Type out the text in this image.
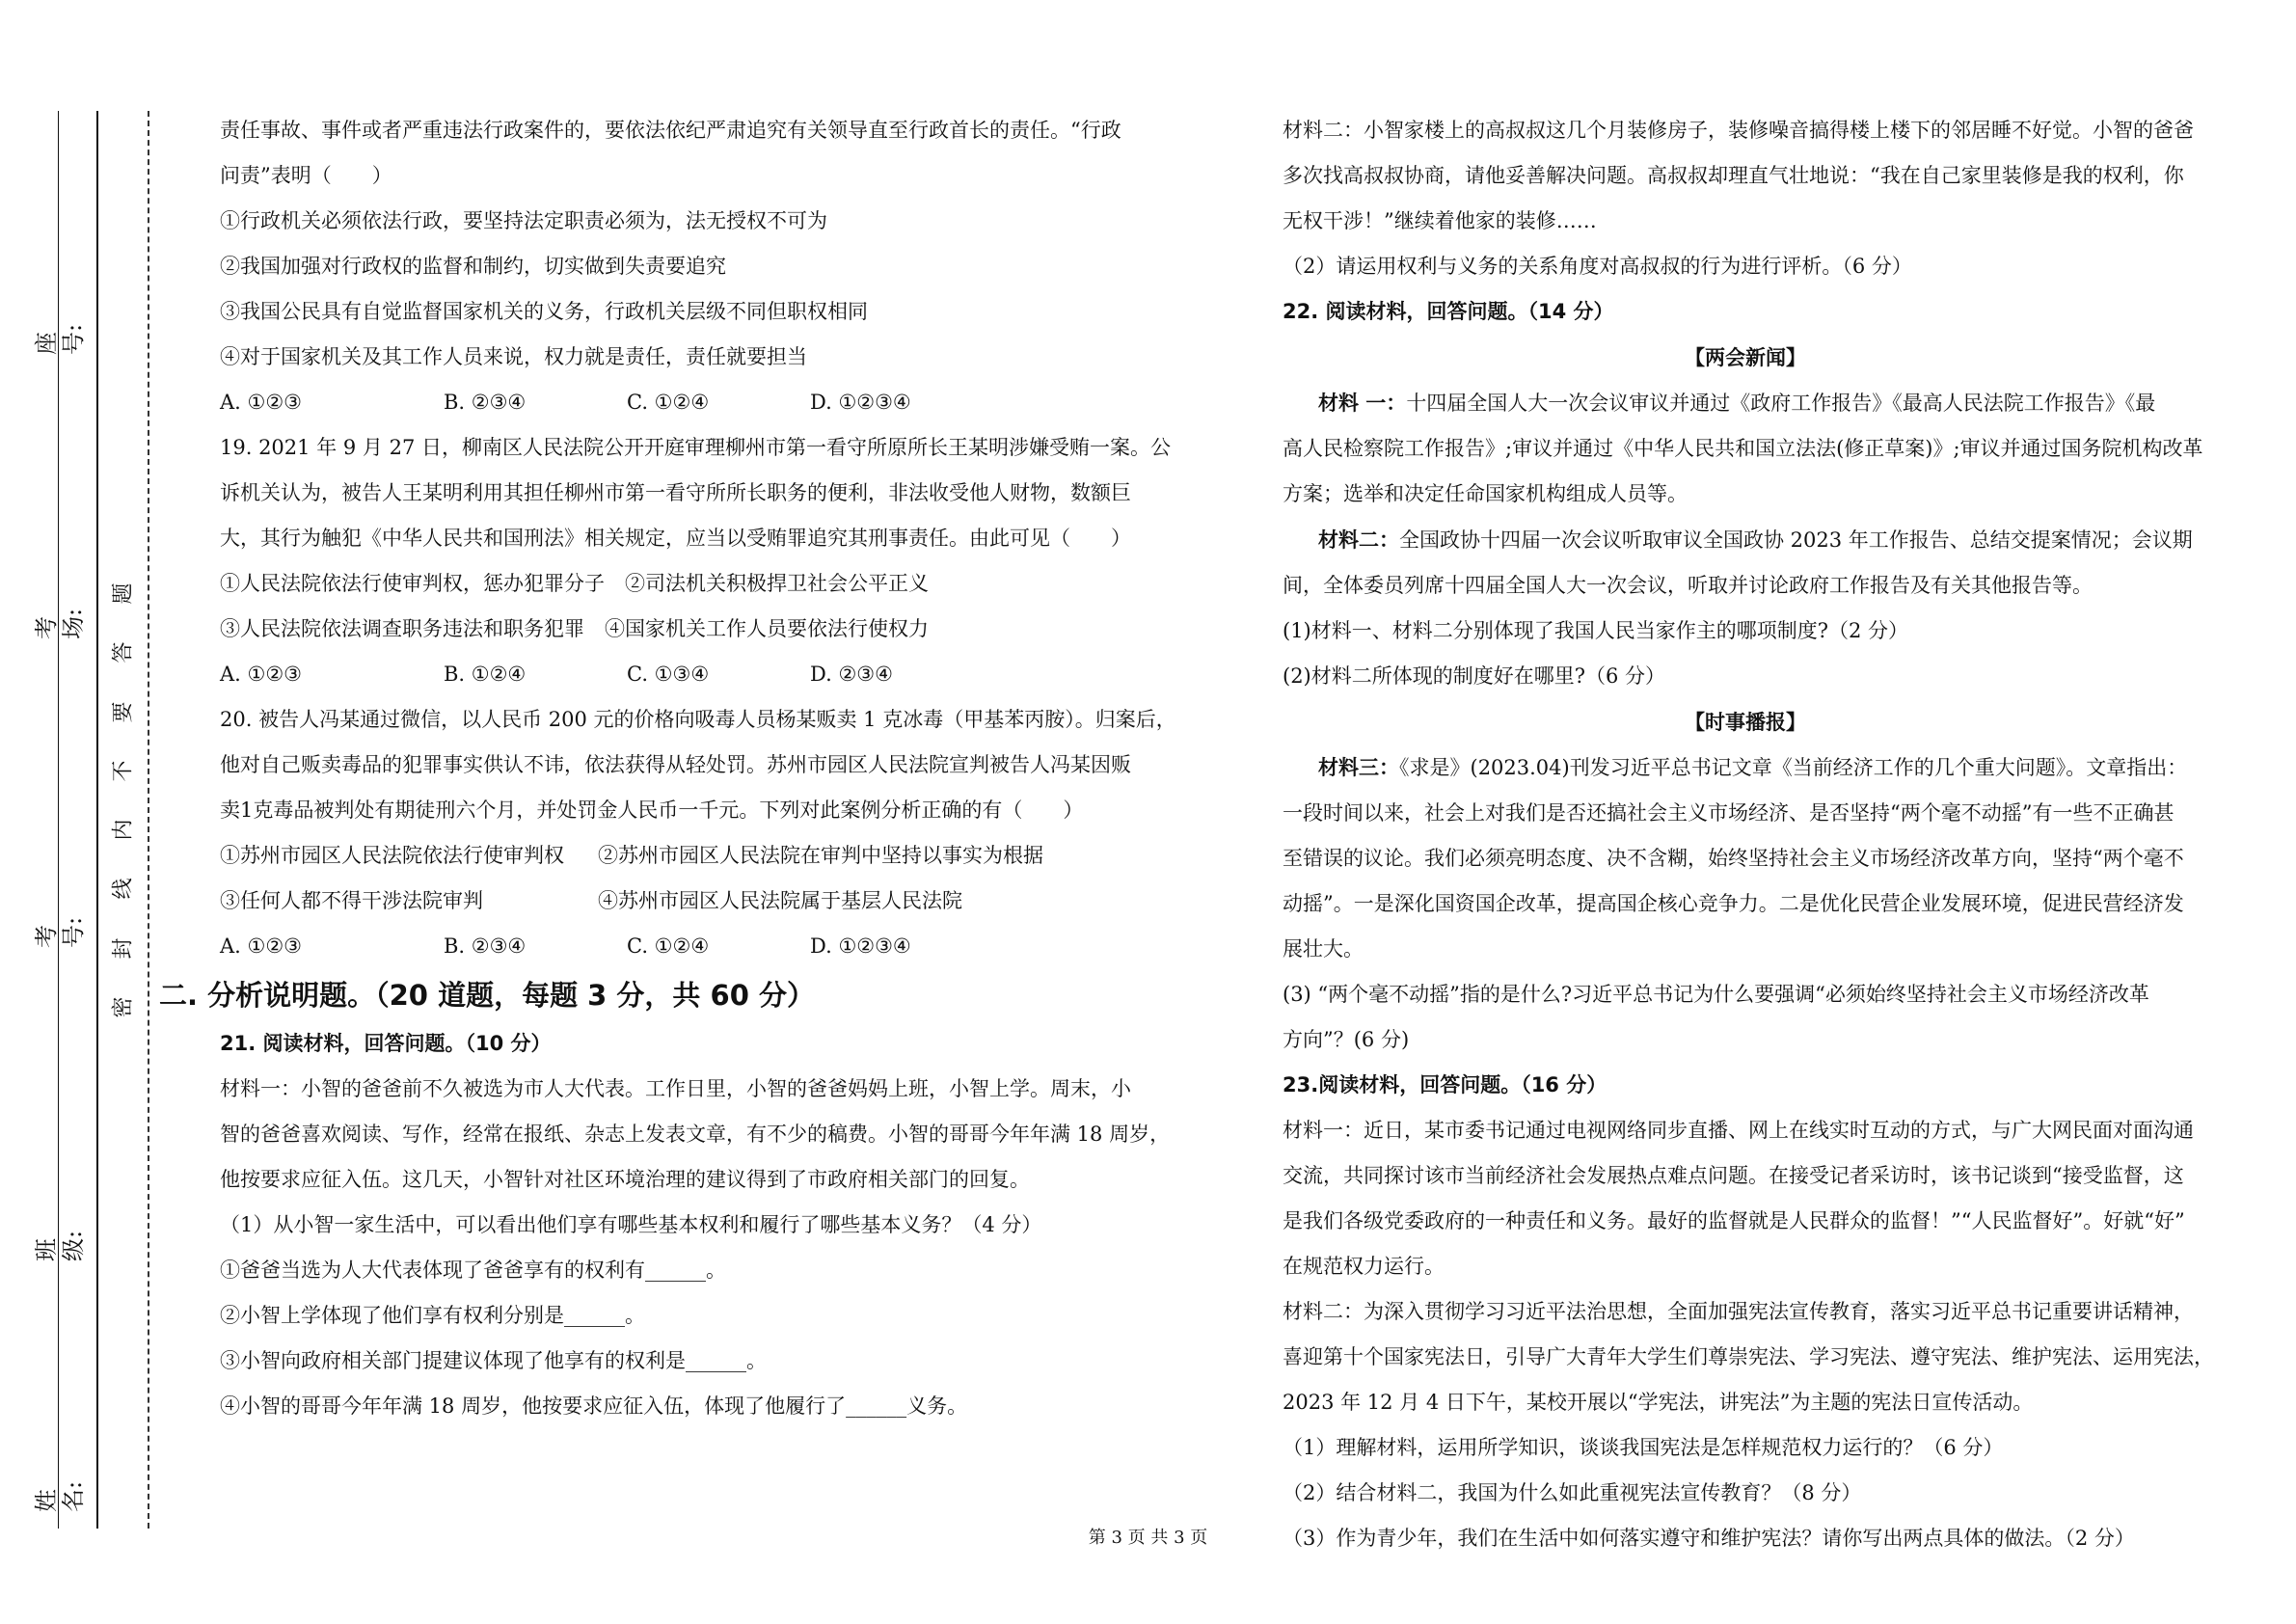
座号:
考场:
考号:
班级:
姓名:
题
答
要
不
内
线
封
密

责任事故、事件或者严重违法行政案件的，要依法依纪严肃追究有关领导直至行政首长的责任。“行政

问责”表明（　　）

①行政机关必须依法行政，要坚持法定职责必须为，法无授权不可为

②我国加强对行政权的监督和制约，切实做到失责要追究

③我国公民具有自觉监督国家机关的义务，行政机关层级不同但职权相同

④对于国家机关及其工作人员来说，权力就是责任，责任就要担当

A. ①②③	B. ②③④	C. ①②④	D. ①②③④

19. 2021 年 9 月 27 日，柳南区人民法院公开开庭审理柳州市第一看守所原所长王某明涉嫌受贿一案。公

诉机关认为，被告人王某明利用其担任柳州市第一看守所所长职务的便利，非法收受他人财物，数额巨

大，其行为触犯《中华人民共和国刑法》相关规定，应当以受贿罪追究其刑事责任。由此可见（　　）

①人民法院依法行使审判权，惩办犯罪分子　②司法机关积极捍卫社会公平正义

③人民法院依法调查职务违法和职务犯罪　④国家机关工作人员要依法行使权力

A. ①②③	B. ①②④	C. ①③④	D. ②③④

20. 被告人冯某通过微信，以人民币 200 元的价格向吸毒人员杨某贩卖 1 克冰毒（甲基苯丙胺）。归案后，

他对自己贩卖毒品的犯罪事实供认不讳，依法获得从轻处罚。苏州市园区人民法院宣判被告人冯某因贩

卖1克毒品被判处有期徒刑六个月，并处罚金人民币一千元。下列对此案例分析正确的有（　　）

①苏州市园区人民法院依法行使审判权	②苏州市园区人民法院在审判中坚持以事实为根据

③任何人都不得干涉法院审判	④苏州市园区人民法院属于基层人民法院

A. ①②③	B. ②③④	C. ①②④	D. ①②③④

二. 分析说明题。（20 道题，每题 3 分，共 60 分）

21. 阅读材料，回答问题。（10 分）

材料一：小智的爸爸前不久被选为市人大代表。工作日里，小智的爸爸妈妈上班，小智上学。周末，小

智的爸爸喜欢阅读、写作，经常在报纸、杂志上发表文章，有不少的稿费。小智的哥哥今年年满 18 周岁，

他按要求应征入伍。这几天，小智针对社区环境治理的建议得到了市政府相关部门的回复。

（1）从小智一家生活中，可以看出他们享有哪些基本权利和履行了哪些基本义务？（4 分）

①爸爸当选为人大代表体现了爸爸享有的权利有______。

②小智上学体现了他们享有权利分别是______。

③小智向政府相关部门提建议体现了他享有的权利是______。

④小智的哥哥今年年满 18 周岁，他按要求应征入伍，体现了他履行了______义务。

材料二：小智家楼上的高叔叔这几个月装修房子，装修噪音搞得楼上楼下的邻居睡不好觉。小智的爸爸

多次找高叔叔协商，请他妥善解决问题。高叔叔却理直气壮地说：“我在自己家里装修是我的权利，你

无权干涉！”继续着他家的装修……

（2）请运用权利与义务的关系角度对高叔叔的行为进行评析。（6 分）

22. 阅读材料，回答问题。（14 分）

【两会新闻】

材料 一：十四届全国人大一次会议审议并通过《政府工作报告》《最高人民法院工作报告》《最

高人民检察院工作报告》;审议并通过《中华人民共和国立法法(修正草案)》;审议并通过国务院机构改革

方案；选举和决定任命国家机构组成人员等。

材料二：全国政协十四届一次会议听取审议全国政协 2023 年工作报告、总结交提案情况；会议期

间，全体委员列席十四届全国人大一次会议，听取并讨论政府工作报告及有关其他报告等。

(1)材料一、材料二分别体现了我国人民当家作主的哪项制度?（2 分）

(2)材料二所体现的制度好在哪里?（6 分）

【时事播报】

材料三：《求是》(2023.04)刊发习近平总书记文章《当前经济工作的几个重大问题》。文章指出：

一段时间以来，社会上对我们是否还搞社会主义市场经济、是否坚持“两个毫不动摇”有一些不正确甚

至错误的议论。我们必须亮明态度、决不含糊，始终坚持社会主义市场经济改革方向，坚持“两个毫不

动摇”。一是深化国资国企改革，提高国企核心竞争力。二是优化民营企业发展环境，促进民营经济发

展壮大。

(3) “两个毫不动摇”指的是什么?习近平总书记为什么要强调“必须始终坚持社会主义市场经济改革

方向”？(6 分)

23.阅读材料，回答问题。（16 分）

材料一：近日，某市委书记通过电视网络同步直播、网上在线实时互动的方式，与广大网民面对面沟通

交流，共同探讨该市当前经济社会发展热点难点问题。在接受记者采访时，该书记谈到“接受监督，这

是我们各级党委政府的一种责任和义务。最好的监督就是人民群众的监督！”“人民监督好”。好就“好”

在规范权力运行。

材料二：为深入贯彻学习习近平法治思想，全面加强宪法宣传教育，落实习近平总书记重要讲话精神，

喜迎第十个国家宪法日，引导广大青年大学生们尊崇宪法、学习宪法、遵守宪法、维护宪法、运用宪法，

2023 年 12 月 4 日下午，某校开展以“学宪法，讲宪法”为主题的宪法日宣传活动。

（1）理解材料，运用所学知识，谈谈我国宪法是怎样规范权力运行的？（6 分）

（2）结合材料二，我国为什么如此重视宪法宣传教育？（8 分）

（3）作为青少年，我们在生活中如何落实遵守和维护宪法？请你写出两点具体的做法。（2 分）

第 3 页 共 3 页
